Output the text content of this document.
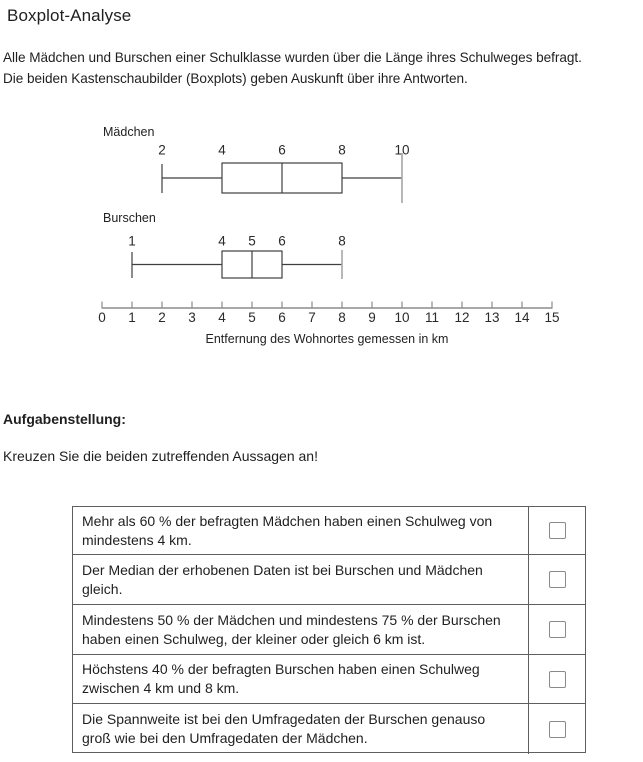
Boxplot-Analyse
Alle Mädchen und Burschen einer Schulklasse wurden über die Länge ihres Schulweges befragt.
Die beiden Kastenschaubilder (Boxplots) geben Auskunft über ihre Antworten.
2	4	6	8	10
1	4 5 6	8
0 1 2 3 4 5 6 7 8 9 10 11 12 13 14 15
Mädchen
Burschen
Entfernung des Wohnortes gemessen in km
Aufgabenstellung:
Kreuzen Sie die beiden zutreffenden Aussagen an!
Mehr als 60 % der befragten Mädchen haben einen Schulweg von mindestens 4 km.
Der Median der erhobenen Daten ist bei Burschen und Mädchen gleich.
Mindestens 50 % der Mädchen und mindestens 75 % der Burschen haben einen Schulweg, der kleiner oder gleich 6 km ist.
Höchstens 40 % der befragten Burschen haben einen Schulweg zwischen 4 km und 8 km.
Die Spannweite ist bei den Umfragedaten der Burschen genauso groß wie bei den Umfragedaten der Mädchen.
